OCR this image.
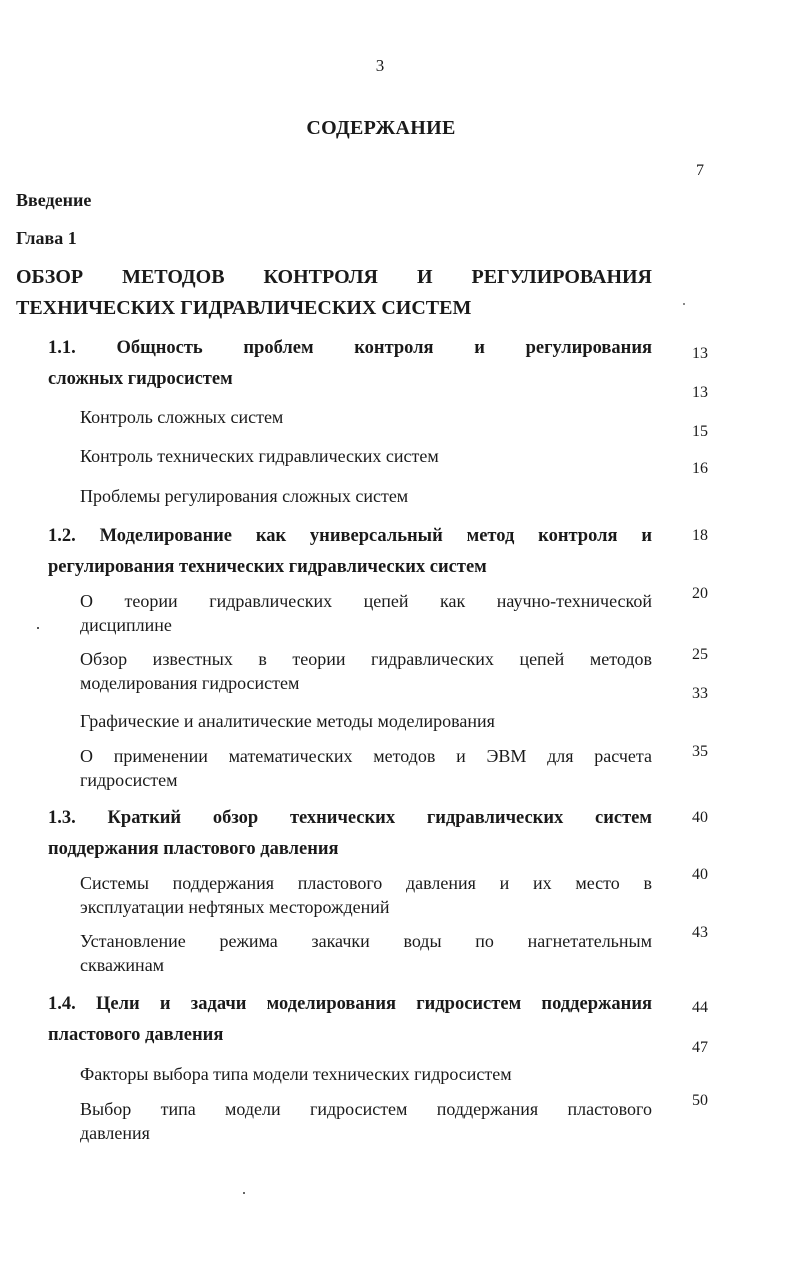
3
СОДЕРЖАНИЕ
7
Введение
Глава 1
ОБЗОР МЕТОДОВ КОНТРОЛЯ И РЕГУЛИРОВАНИЯ
ТЕХНИЧЕСКИХ ГИДРАВЛИЧЕСКИХ СИСТЕМ
1.1. Общность проблем контроля и регулирования
сложных гидросистем
13
13
Контроль сложных систем
15
Контроль технических гидравлических систем
16
Проблемы регулирования сложных систем
1.2. Моделирование как универсальный метод контроля и
регулирования технических гидравлических систем
18
О теории гидравлических цепей как научно-технической
дисциплине
20
Обзор известных в теории гидравлических цепей методов
моделирования гидросистем
25
33
Графические и аналитические методы моделирования
О применении математических методов и ЭВМ для расчета
гидросистем
35
1.3. Краткий обзор технических гидравлических систем
поддержания пластового давления
40
Системы поддержания пластового давления и их место в
эксплуатации нефтяных месторождений
40
Установление режима закачки воды по нагнетательным
скважинам
43
1.4. Цели и задачи моделирования гидросистем поддержания
пластового давления
44
47
Факторы выбора типа модели технических гидросистем
Выбор типа модели гидросистем поддержания пластового
давления
50
